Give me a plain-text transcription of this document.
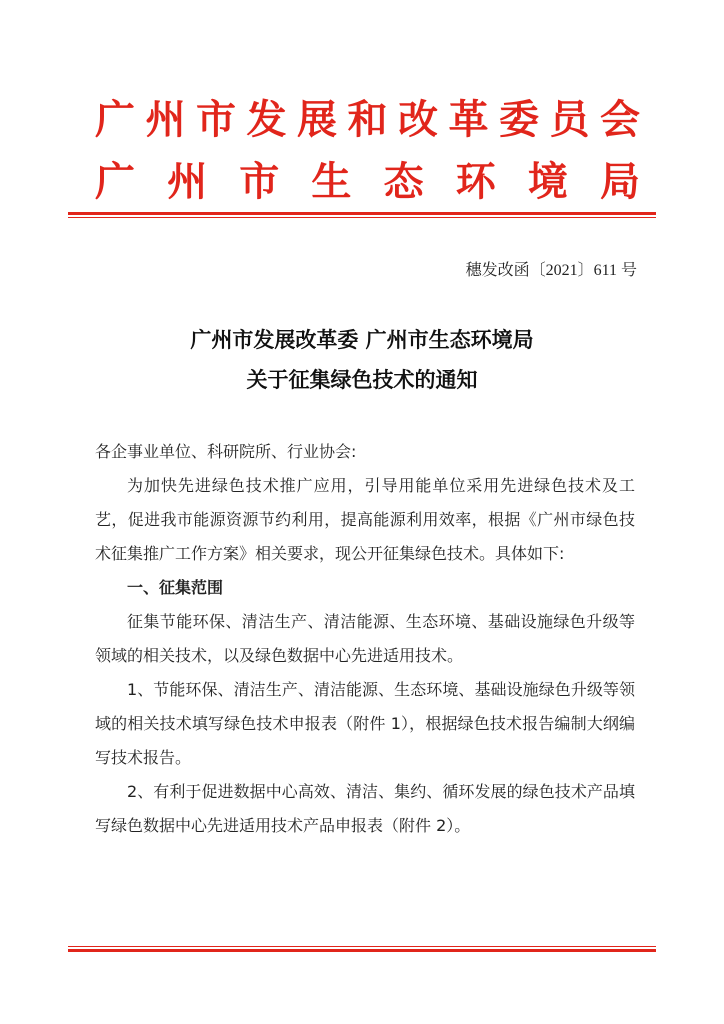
广州市发展和改革委员会
广州市生态环境局
穗发改函〔2021〕611 号

广州市发展改革委 广州市生态环境局

关于征集绿色技术的通知

各企事业单位、科研院所、行业协会:

为加快先进绿色技术推广应用，引导用能单位采用先进绿色技术及工艺，促进我市能源资源节约利用，提高能源利用效率，根据《广州市绿色技术征集推广工作方案》相关要求，现公开征集绿色技术。具体如下:

一、征集范围

征集节能环保、清洁生产、清洁能源、生态环境、基础设施绿色升级等领域的相关技术，以及绿色数据中心先进适用技术。

1、节能环保、清洁生产、清洁能源、生态环境、基础设施绿色升级等领域的相关技术填写绿色技术申报表（附件 1），根据绿色技术报告编制大纲编写技术报告。

2、有利于促进数据中心高效、清洁、集约、循环发展的绿色技术产品填写绿色数据中心先进适用技术产品申报表（附件 2）。
